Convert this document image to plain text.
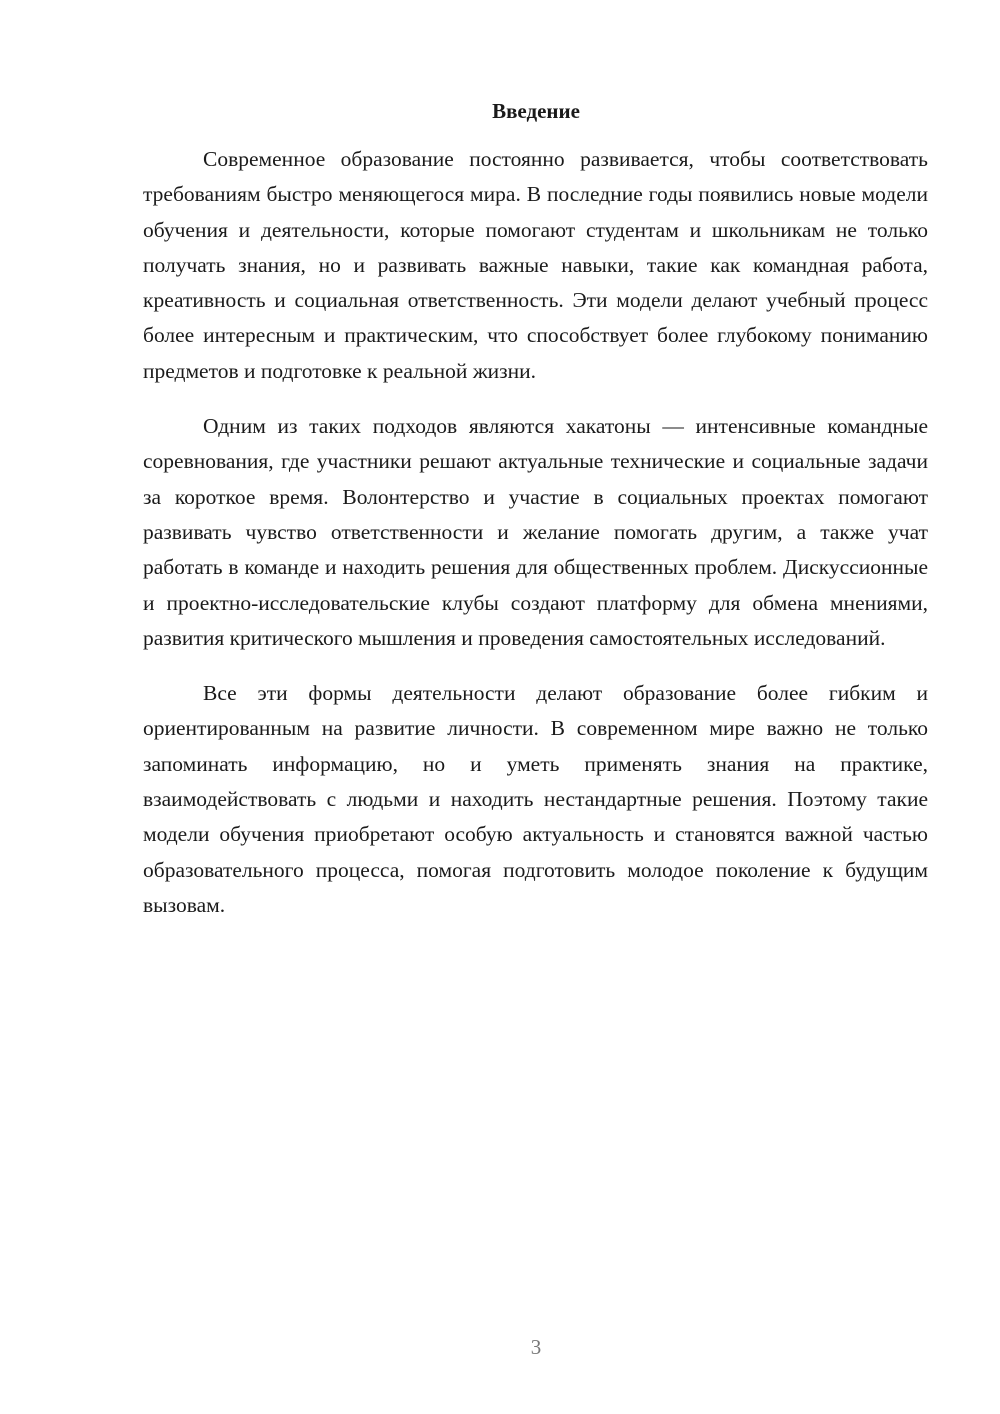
Введение

Современное образование постоянно развивается, чтобы соответствовать требованиям быстро меняющегося мира. В последние годы появились новые модели обучения и деятельности, которые помогают студентам и школьникам не только получать знания, но и развивать важные навыки, такие как командная работа, креативность и социальная ответственность. Эти модели делают учебный процесс более интересным и практическим, что способствует более глубокому пониманию предметов и подготовке к реальной жизни.

Одним из таких подходов являются хакатоны — интенсивные командные соревнования, где участники решают актуальные технические и социальные задачи за короткое время. Волонтерство и участие в социальных проектах помогают развивать чувство ответственности и желание помогать другим, а также учат работать в команде и находить решения для общественных проблем. Дискуссионные и проектно-исследовательские клубы создают платформу для обмена мнениями, развития критического мышления и проведения самостоятельных исследований.

Все эти формы деятельности делают образование более гибким и ориентированным на развитие личности. В современном мире важно не только запоминать информацию, но и уметь применять знания на практике, взаимодействовать с людьми и находить нестандартные решения. Поэтому такие модели обучения приобретают особую актуальность и становятся важной частью образовательного процесса, помогая подготовить молодое поколение к будущим вызовам.

3
